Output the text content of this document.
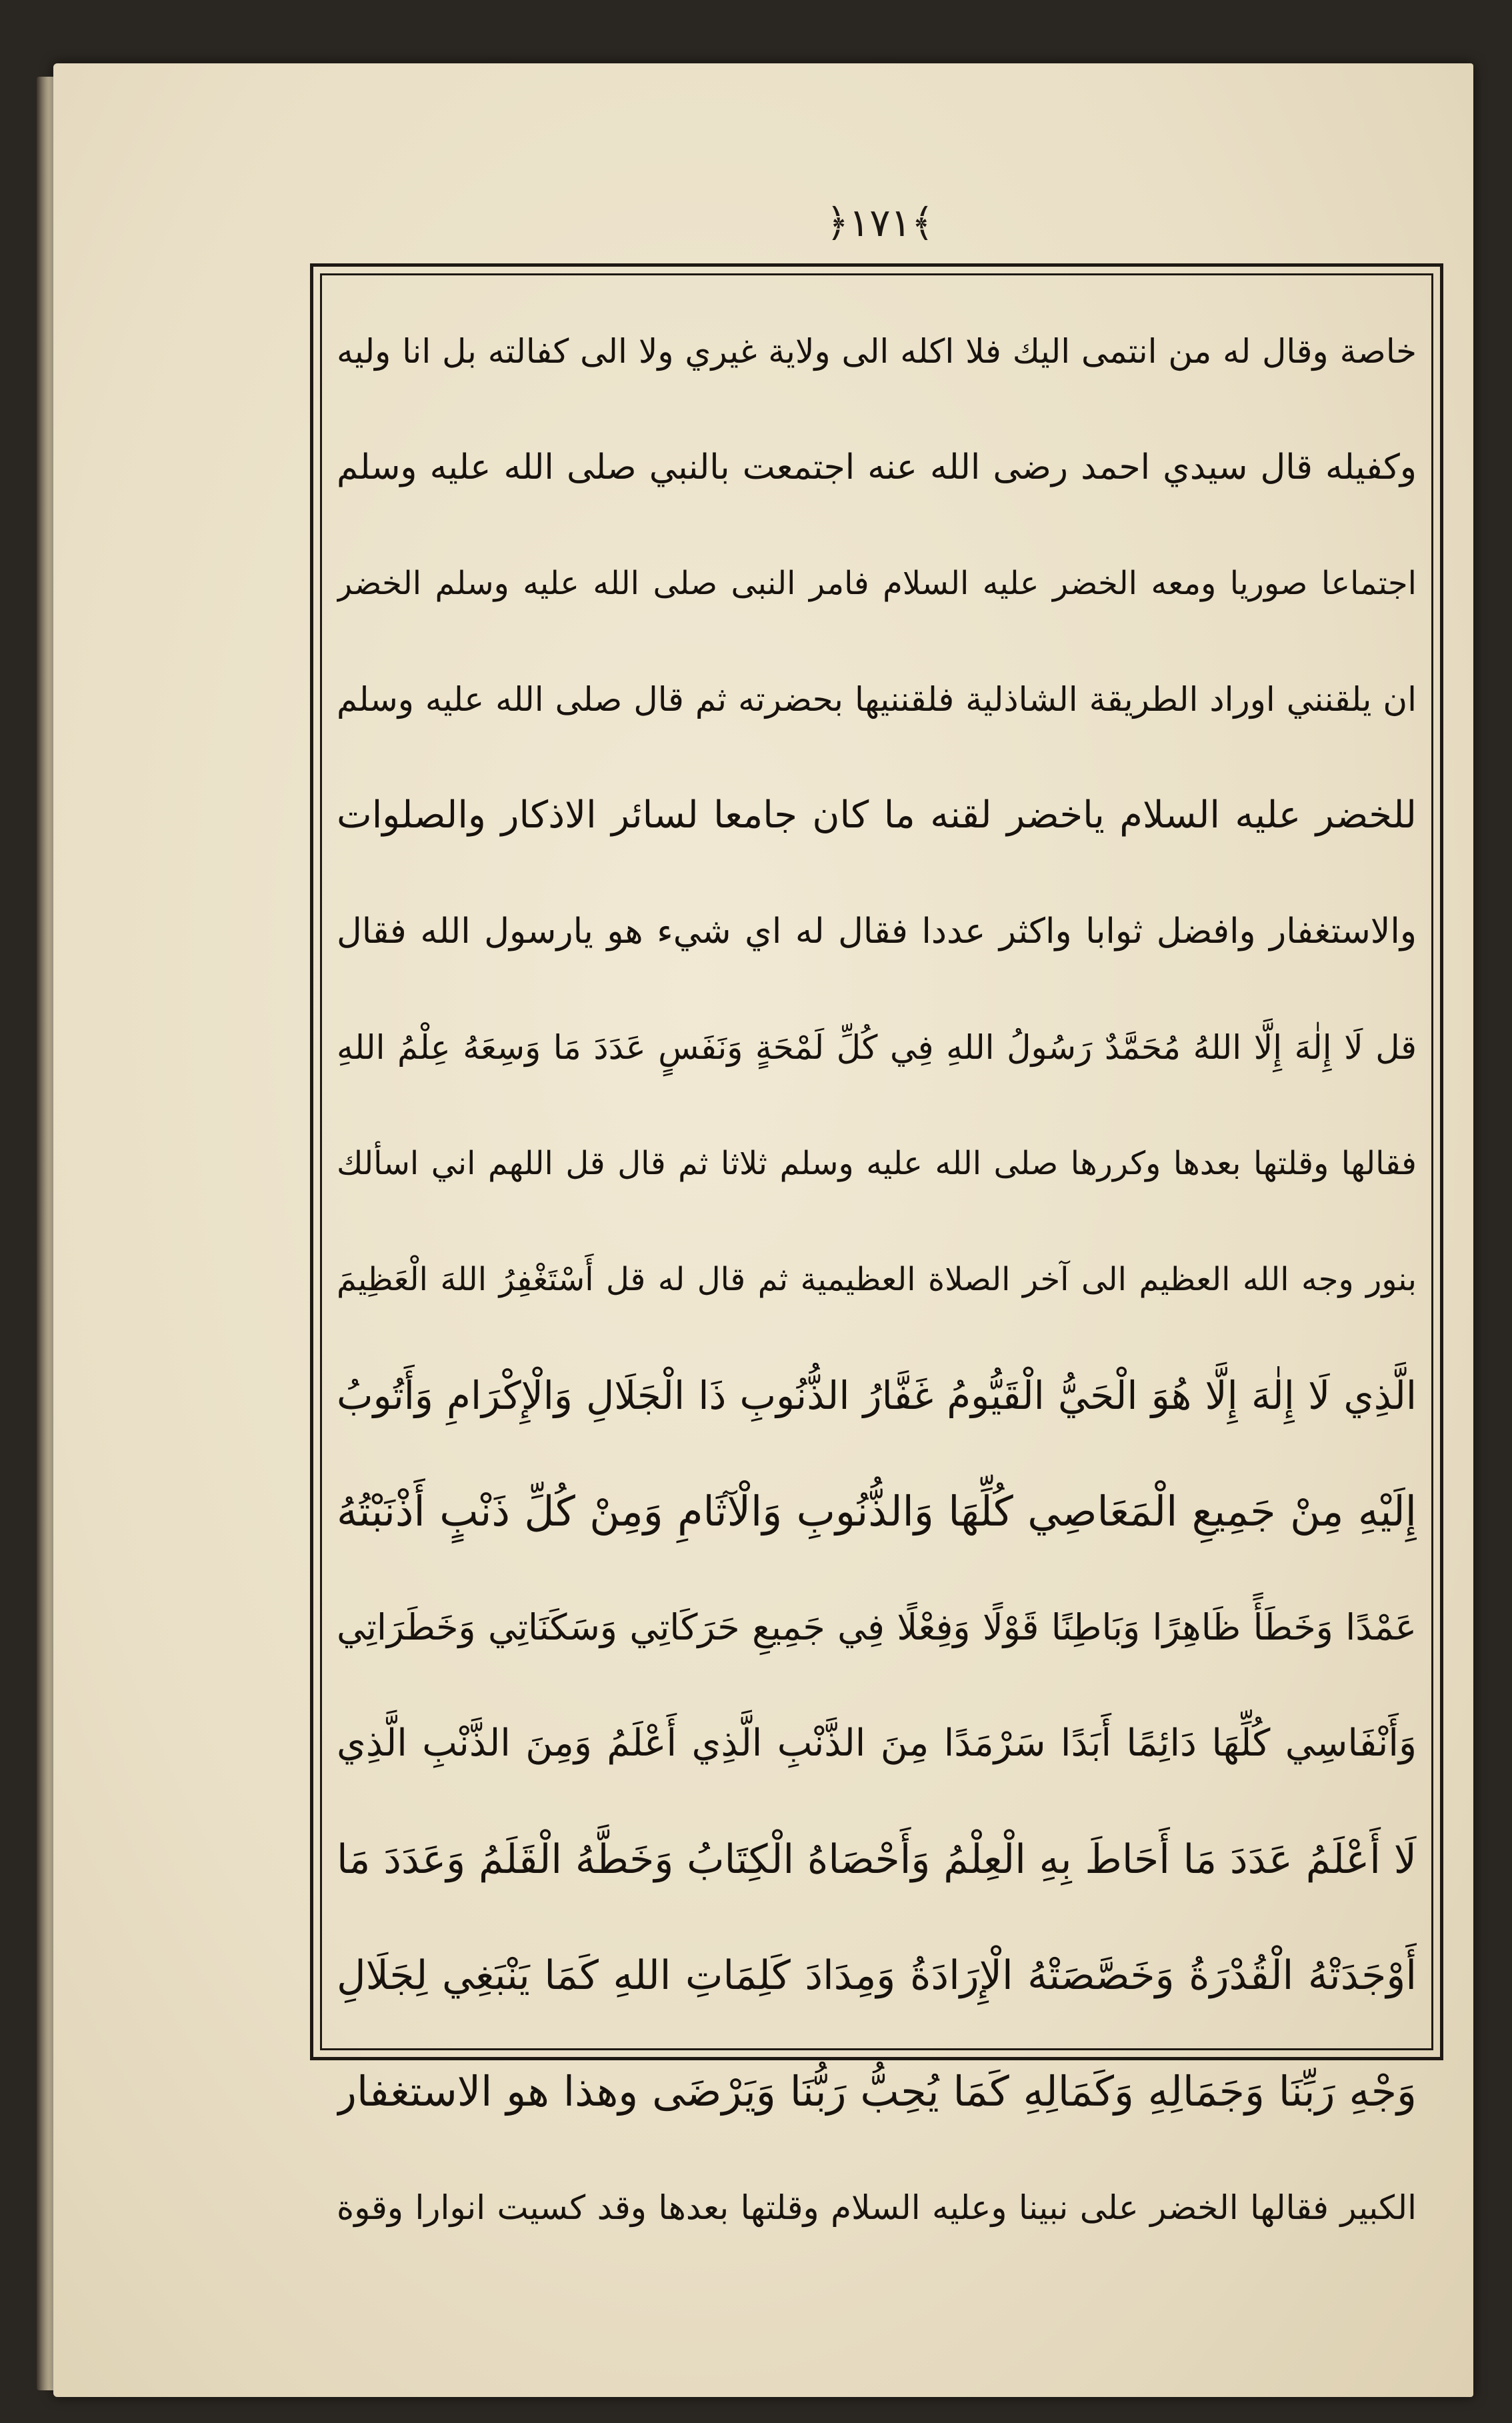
﴿١٧١﴾
خاصة وقال له من انتمى اليك فلا اكله الى ولاية غيري ولا الى كفالته بل انا وليه
وكفيله قال سيدي احمد رضى الله عنه اجتمعت بالنبي صلى الله عليه وسلم
اجتماعا صوريا ومعه الخضر عليه السلام فامر النبى صلى الله عليه وسلم الخضر
ان يلقنني اوراد الطريقة الشاذلية فلقننيها بحضرته ثم قال صلى الله عليه وسلم
للخضر عليه السلام ياخضر لقنه ما كان جامعا لسائر الاذكار والصلوات
والاستغفار وافضل ثوابا واكثر عددا فقال له اي شيء هو يارسول الله فقال
قل لَا إِلٰهَ إِلَّا اللهُ مُحَمَّدٌ رَسُولُ اللهِ فِي كُلِّ لَمْحَةٍ وَنَفَسٍ عَدَدَ مَا وَسِعَهُ عِلْمُ اللهِ
فقالها وقلتها بعدها وكررها صلى الله عليه وسلم ثلاثا ثم قال قل اللهم اني اسألك
بنور وجه الله العظيم الى آخر الصلاة العظيمية ثم قال له قل أَسْتَغْفِرُ اللهَ الْعَظِيمَ
الَّذِي لَا إِلٰهَ إِلَّا هُوَ الْحَيُّ الْقَيُّومُ غَفَّارُ الذُّنُوبِ ذَا الْجَلَالِ وَالْإِكْرَامِ وَأَتُوبُ
إِلَيْهِ مِنْ جَمِيعِ الْمَعَاصِي كُلِّهَا وَالذُّنُوبِ وَالْآثَامِ وَمِنْ كُلِّ ذَنْبٍ أَذْنَبْتُهُ
عَمْدًا وَخَطَأً ظَاهِرًا وَبَاطِنًا قَوْلًا وَفِعْلًا فِي جَمِيعِ حَرَكَاتِي وَسَكَنَاتِي وَخَطَرَاتِي
وَأَنْفَاسِي كُلِّهَا دَائِمًا أَبَدًا سَرْمَدًا مِنَ الذَّنْبِ الَّذِي أَعْلَمُ وَمِنَ الذَّنْبِ الَّذِي
لَا أَعْلَمُ عَدَدَ مَا أَحَاطَ بِهِ الْعِلْمُ وَأَحْصَاهُ الْكِتَابُ وَخَطَّهُ الْقَلَمُ وَعَدَدَ مَا
أَوْجَدَتْهُ الْقُدْرَةُ وَخَصَّصَتْهُ الْإِرَادَةُ وَمِدَادَ كَلِمَاتِ اللهِ كَمَا يَنْبَغِي لِجَلَالِ
وَجْهِ رَبِّنَا وَجَمَالِهِ وَكَمَالِهِ كَمَا يُحِبُّ رَبُّنَا وَيَرْضَى وهذا هو الاستغفار
الكبير فقالها الخضر على نبينا وعليه السلام وقلتها بعدها وقد كسيت انوارا وقوة
